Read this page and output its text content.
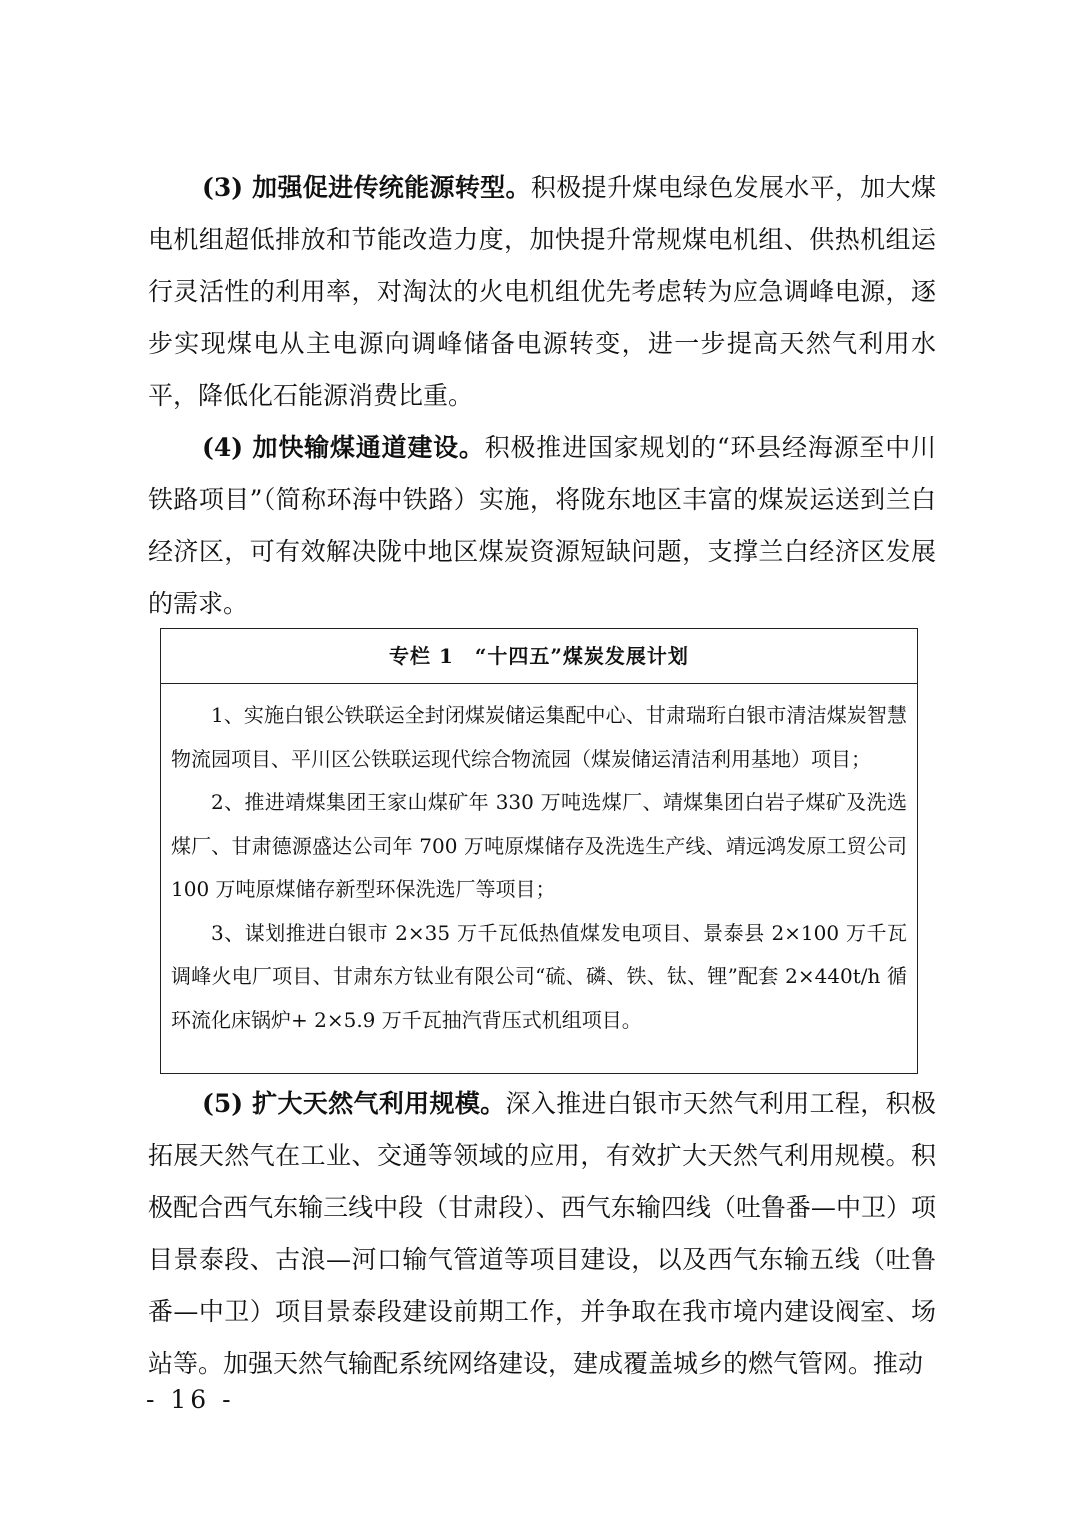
(3) 加强促进传统能源转型。积极提升煤电绿色发展水平，加大煤电机组超低排放和节能改造力度，加快提升常规煤电机组、供热机组运行灵活性的利用率，对淘汰的火电机组优先考虑转为应急调峰电源，逐步实现煤电从主电源向调峰储备电源转变，进一步提高天然气利用水平，降低化石能源消费比重。

(4) 加快输煤通道建设。积极推进国家规划的“环县经海源至中川铁路项目”（简称环海中铁路）实施，将陇东地区丰富的煤炭运送到兰白经济区，可有效解决陇中地区煤炭资源短缺问题，支撑兰白经济区发展的需求。

专栏 1　“十四五”煤炭发展计划

1、实施白银公铁联运全封闭煤炭储运集配中心、甘肃瑞珩白银市清洁煤炭智慧物流园项目、平川区公铁联运现代综合物流园（煤炭储运清洁利用基地）项目；

2、推进靖煤集团王家山煤矿年 330 万吨选煤厂、靖煤集团白岩子煤矿及洗选煤厂、甘肃德源盛达公司年 700 万吨原煤储存及洗选生产线、靖远鸿发原工贸公司 100 万吨原煤储存新型环保洗选厂等项目；

3、谋划推进白银市 2×35 万千瓦低热值煤发电项目、景泰县 2×100 万千瓦调峰火电厂项目、甘肃东方钛业有限公司“硫、磷、铁、钛、锂”配套 2×440t/h 循环流化床锅炉+ 2×5.9 万千瓦抽汽背压式机组项目。

(5) 扩大天然气利用规模。深入推进白银市天然气利用工程，积极拓展天然气在工业、交通等领域的应用，有效扩大天然气利用规模。积极配合西气东输三线中段（甘肃段）、西气东输四线（吐鲁番—中卫）项目景泰段、古浪—河口输气管道等项目建设，以及西气东输五线（吐鲁番—中卫）项目景泰段建设前期工作，并争取在我市境内建设阀室、场站等。加强天然气输配系统网络建设，建成覆盖城乡的燃气管网。推动

- 16 -
